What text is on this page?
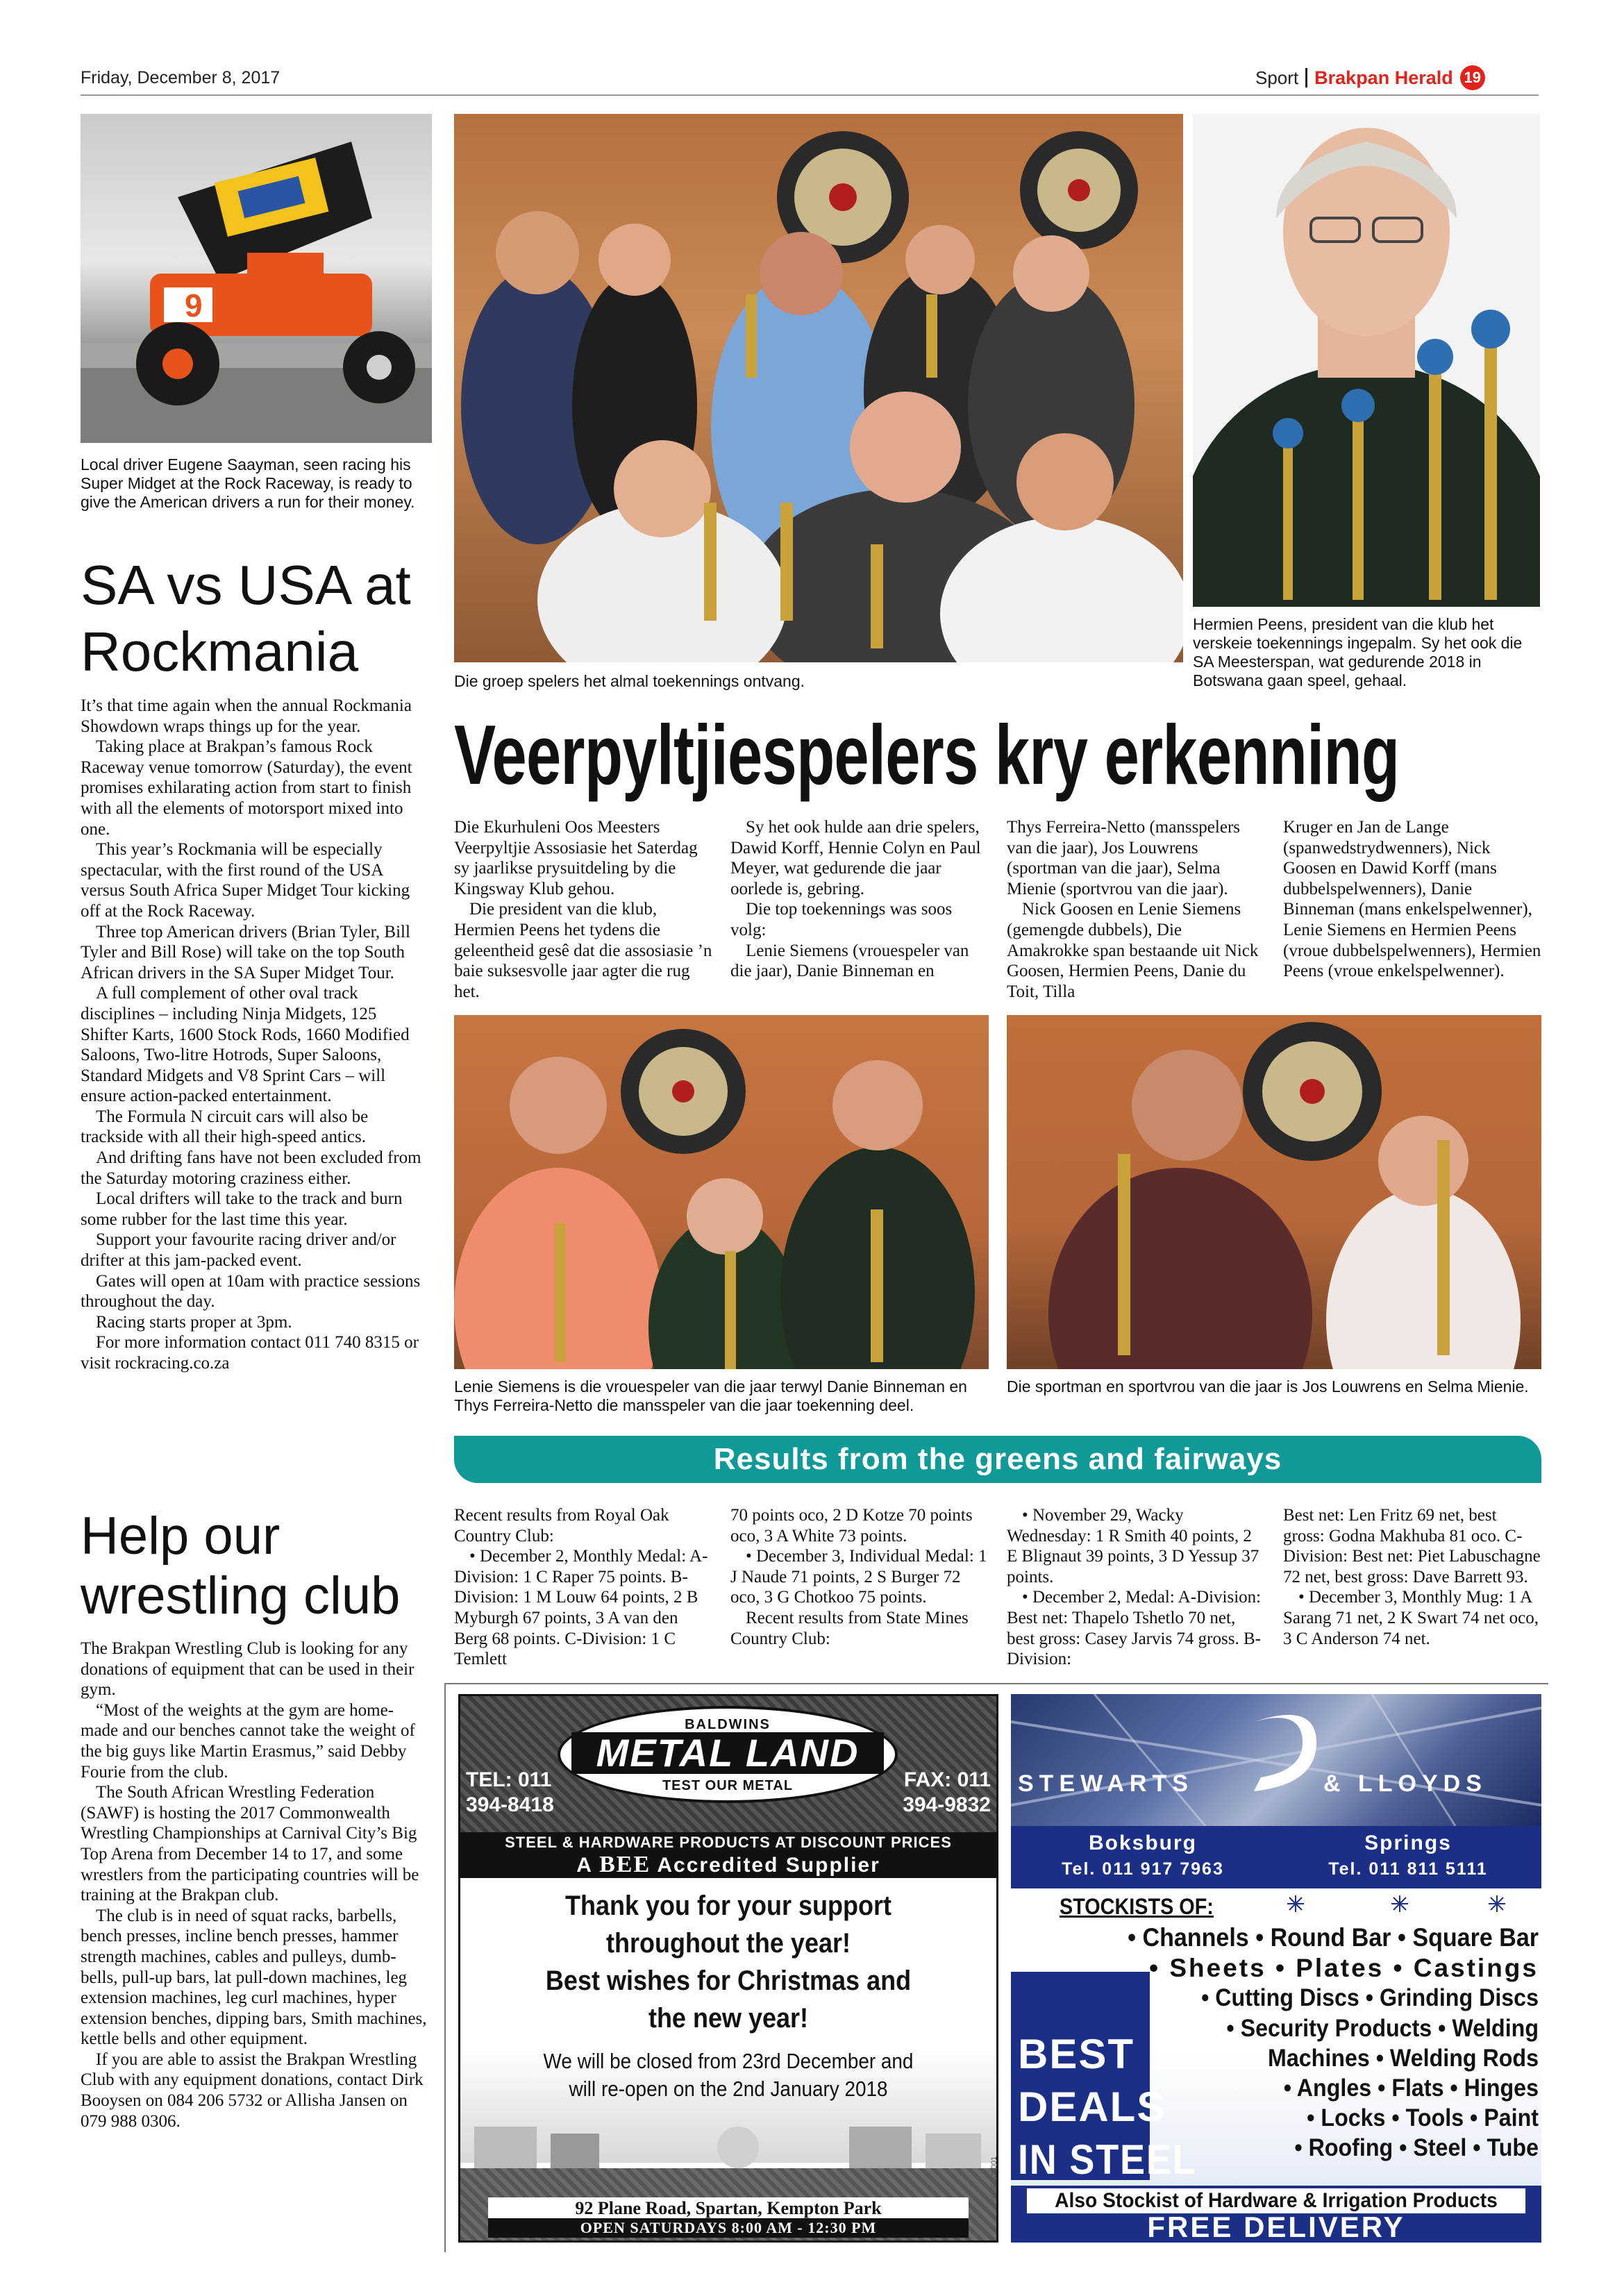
Friday, December 8, 2017	Sport Brakpan Herald 19
9
Local driver Eugene Saayman, seen racing his Super Midget at the Rock Raceway, is ready to give the American drivers a run for their money.
SA vs USA at Rockmania

It’s that time again when the annual Rockmania Showdown wraps things up for the year.

Taking place at Brakpan’s famous Rock Raceway venue tomorrow (Saturday), the event promises exhilarating action from start to finish with all the elements of motorsport mixed into one.

This year’s Rockmania will be especially spectacular, with the first round of the USA versus South Africa Super Midget Tour kicking off at the Rock Raceway.

Three top American drivers (Brian Tyler, Bill Tyler and Bill Rose) will take on the top South African drivers in the SA Super Midget Tour.

A full complement of other oval track disciplines – including Ninja Midgets, 125 Shifter Karts, 1600 Stock Rods, 1660 Modified Saloons, Two-litre Hotrods, Super Saloons, Standard Midgets and V8 Sprint Cars – will ensure action-packed entertainment.

The Formula N circuit cars will also be trackside with all their high-speed antics.

And drifting fans have not been excluded from the Saturday motoring craziness either.

Local drifters will take to the track and burn some rubber for the last time this year.

Support your favourite racing driver and/or drifter at this jam-packed event.

Gates will open at 10am with practice sessions throughout the day.

Racing starts proper at 3pm.

For more information contact 011 740 8315 or visit rockracing.co.za

Help our wrestling club

The Brakpan Wrestling Club is looking for any donations of equipment that can be used in their gym.

“Most of the weights at the gym are home-made and our benches cannot take the weight of the big guys like Martin Erasmus,” said Debby Fourie from the club.

The South African Wrestling Federation (SAWF) is hosting the 2017 Commonwealth Wrestling Championships at Carnival City’s Big Top Arena from December 14 to 17, and some wrestlers from the participating countries will be training at the Brakpan club.

The club is in need of squat racks, barbells, bench presses, incline bench presses, hammer strength machines, cables and pulleys, dumb-bells, pull-up bars, lat pull-down machines, leg extension machines, leg curl machines, hyper extension benches, dipping bars, Smith machines, kettle bells and other equipment.

If you are able to assist the Brakpan Wrestling Club with any equipment donations, contact Dirk Booysen on 084 206 5732 or Allisha Jansen on 079 988 0306.

Die groep spelers het almal toekennings ontvang.
Hermien Peens, president van die klub het verskeie toekennings ingepalm. Sy het ook die SA Meesterspan, wat gedurende 2018 in Botswana gaan speel, gehaal.
Veerpyltjiespelers kry erkenning

Die Ekurhuleni Oos Meesters Veerpyltjie Assosiasie het Saterdag sy jaarlikse prysuitdeling by die Kingsway Klub gehou.

Die president van die klub, Hermien Peens het tydens die geleentheid gesê dat die assosiasie ’n baie suksesvolle jaar agter die rug het.

Sy het ook hulde aan drie spelers, Dawid Korff, Hennie Colyn en Paul Meyer, wat gedurende die jaar oorlede is, gebring.

Die top toekennings was soos volg:

Lenie Siemens (vrouespeler van die jaar), Danie Binneman en

Thys Ferreira-Netto (mansspelers van die jaar), Jos Louwrens (sportman van die jaar), Selma Mienie (sportvrou van die jaar).

Nick Goosen en Lenie Siemens (gemengde dubbels), Die Amakrokke span bestaande uit Nick Goosen, Hermien Peens, Danie du Toit, Tilla

Kruger en Jan de Lange (spanwedstrydwenners), Nick Goosen en Dawid Korff (mans dubbelspelwenners), Danie Binneman (mans enkelspelwenner), Lenie Siemens en Hermien Peens (vroue dubbelspelwenners), Hermien Peens (vroue enkelspelwenner).

Lenie Siemens is die vrouespeler van die jaar terwyl Danie Binneman en Thys Ferreira-Netto die mansspeler van die jaar toekenning deel.
Die sportman en sportvrou van die jaar is Jos Louwrens en Selma Mienie.
Results from the greens and fairways

Recent results from Royal Oak Country Club:

• December 2, Monthly Medal: A-Division: 1 C Raper 75 points. B-Division: 1 M Louw 64 points, 2 B Myburgh 67 points, 3 A van den Berg 68 points. C-Division: 1 C Temlett

70 points oco, 2 D Kotze 70 points oco, 3 A White 73 points.

• December 3, Individual Medal: 1 J Naude 71 points, 2 S Burger 72 oco, 3 G Chotkoo 75 points.

Recent results from State Mines Country Club:

• November 29, Wacky Wednesday: 1 R Smith 40 points, 2 E Blignaut 39 points, 3 D Yessup 37 points.

• December 2, Medal: A-Division: Best net: Thapelo Tshetlo 70 net, best gross: Casey Jarvis 74 gross. B-Division:

Best net: Len Fritz 69 net, best gross: Godna Makhuba 81 oco. C-Division: Best net: Piet Labuschagne 72 net, best gross: Dave Barrett 93.

• December 3, Monthly Mug: 1 A Sarang 71 net, 2 K Swart 74 net oco, 3 C Anderson 74 net.

BALDWINS
METAL LAND
TEST OUR METAL
TEL: 011
394-8418
FAX: 011
394-9832
STEEL & HARDWARE PRODUCTS AT DISCOUNT PRICES
A BEE Accredited Supplier
Thank you for your support
throughout the year!
Best wishes for Christmas and
the new year!
We will be closed from 23rd December and
will re-open on the 2nd January 2018
92 Plane Road, Spartan, Kempton Park
OPEN SATURDAYS 8:00 AM - 12:30 PM
030E0C0001
STEWARTS	& LLOYDS
Boksburg
Tel. 011 917 7963
Springs
Tel. 011 811 5111
STOCKISTS OF:
• Channels • Round Bar • Square Bar
• Sheets • Plates • Castings
• Cutting Discs • Grinding Discs
• Security Products • Welding
Machines • Welding Rods
• Angles • Flats • Hinges
• Locks • Tools • Paint
• Roofing • Steel • Tube
BEST
DEALS
IN STEEL
Also Stockist of Hardware & Irrigation Products
FREE DELIVERY
